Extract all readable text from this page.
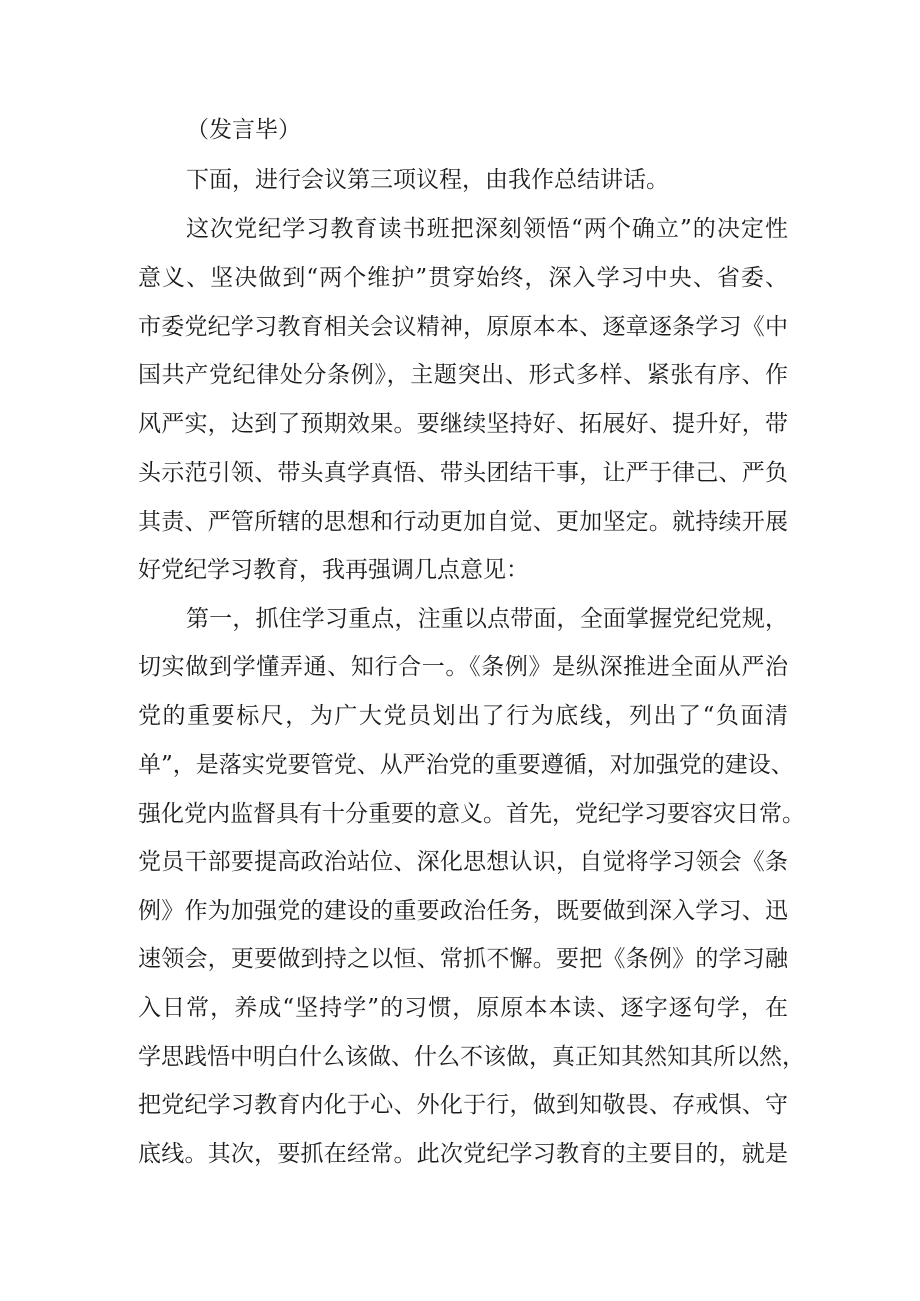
（发言毕）
下面，进行会议第三项议程，由我作总结讲话。
这次党纪学习教育读书班把深刻领悟“两个确立”的决定性
意义、坚决做到“两个维护”贯穿始终，深入学习中央、省委、
市委党纪学习教育相关会议精神，原原本本、逐章逐条学习《中
国共产党纪律处分条例》，主题突出、形式多样、紧张有序、作
风严实，达到了预期效果。要继续坚持好、拓展好、提升好，带
头示范引领、带头真学真悟、带头团结干事，让严于律己、严负
其责、严管所辖的思想和行动更加自觉、更加坚定。就持续开展
好党纪学习教育，我再强调几点意见：
第一，抓住学习重点，注重以点带面，全面掌握党纪党规，
切实做到学懂弄通、知行合一。《条例》是纵深推进全面从严治
党的重要标尺，为广大党员划出了行为底线，列出了“负面清
单”，是落实党要管党、从严治党的重要遵循，对加强党的建设、
强化党内监督具有十分重要的意义。首先，党纪学习要容灾日常。
党员干部要提高政治站位、深化思想认识，自觉将学习领会《条
例》作为加强党的建设的重要政治任务，既要做到深入学习、迅
速领会，更要做到持之以恒、常抓不懈。要把《条例》的学习融
入日常，养成“坚持学”的习惯，原原本本读、逐字逐句学，在
学思践悟中明白什么该做、什么不该做，真正知其然知其所以然，
把党纪学习教育内化于心、外化于行，做到知敬畏、存戒惧、守
底线。其次，要抓在经常。此次党纪学习教育的主要目的，就是
